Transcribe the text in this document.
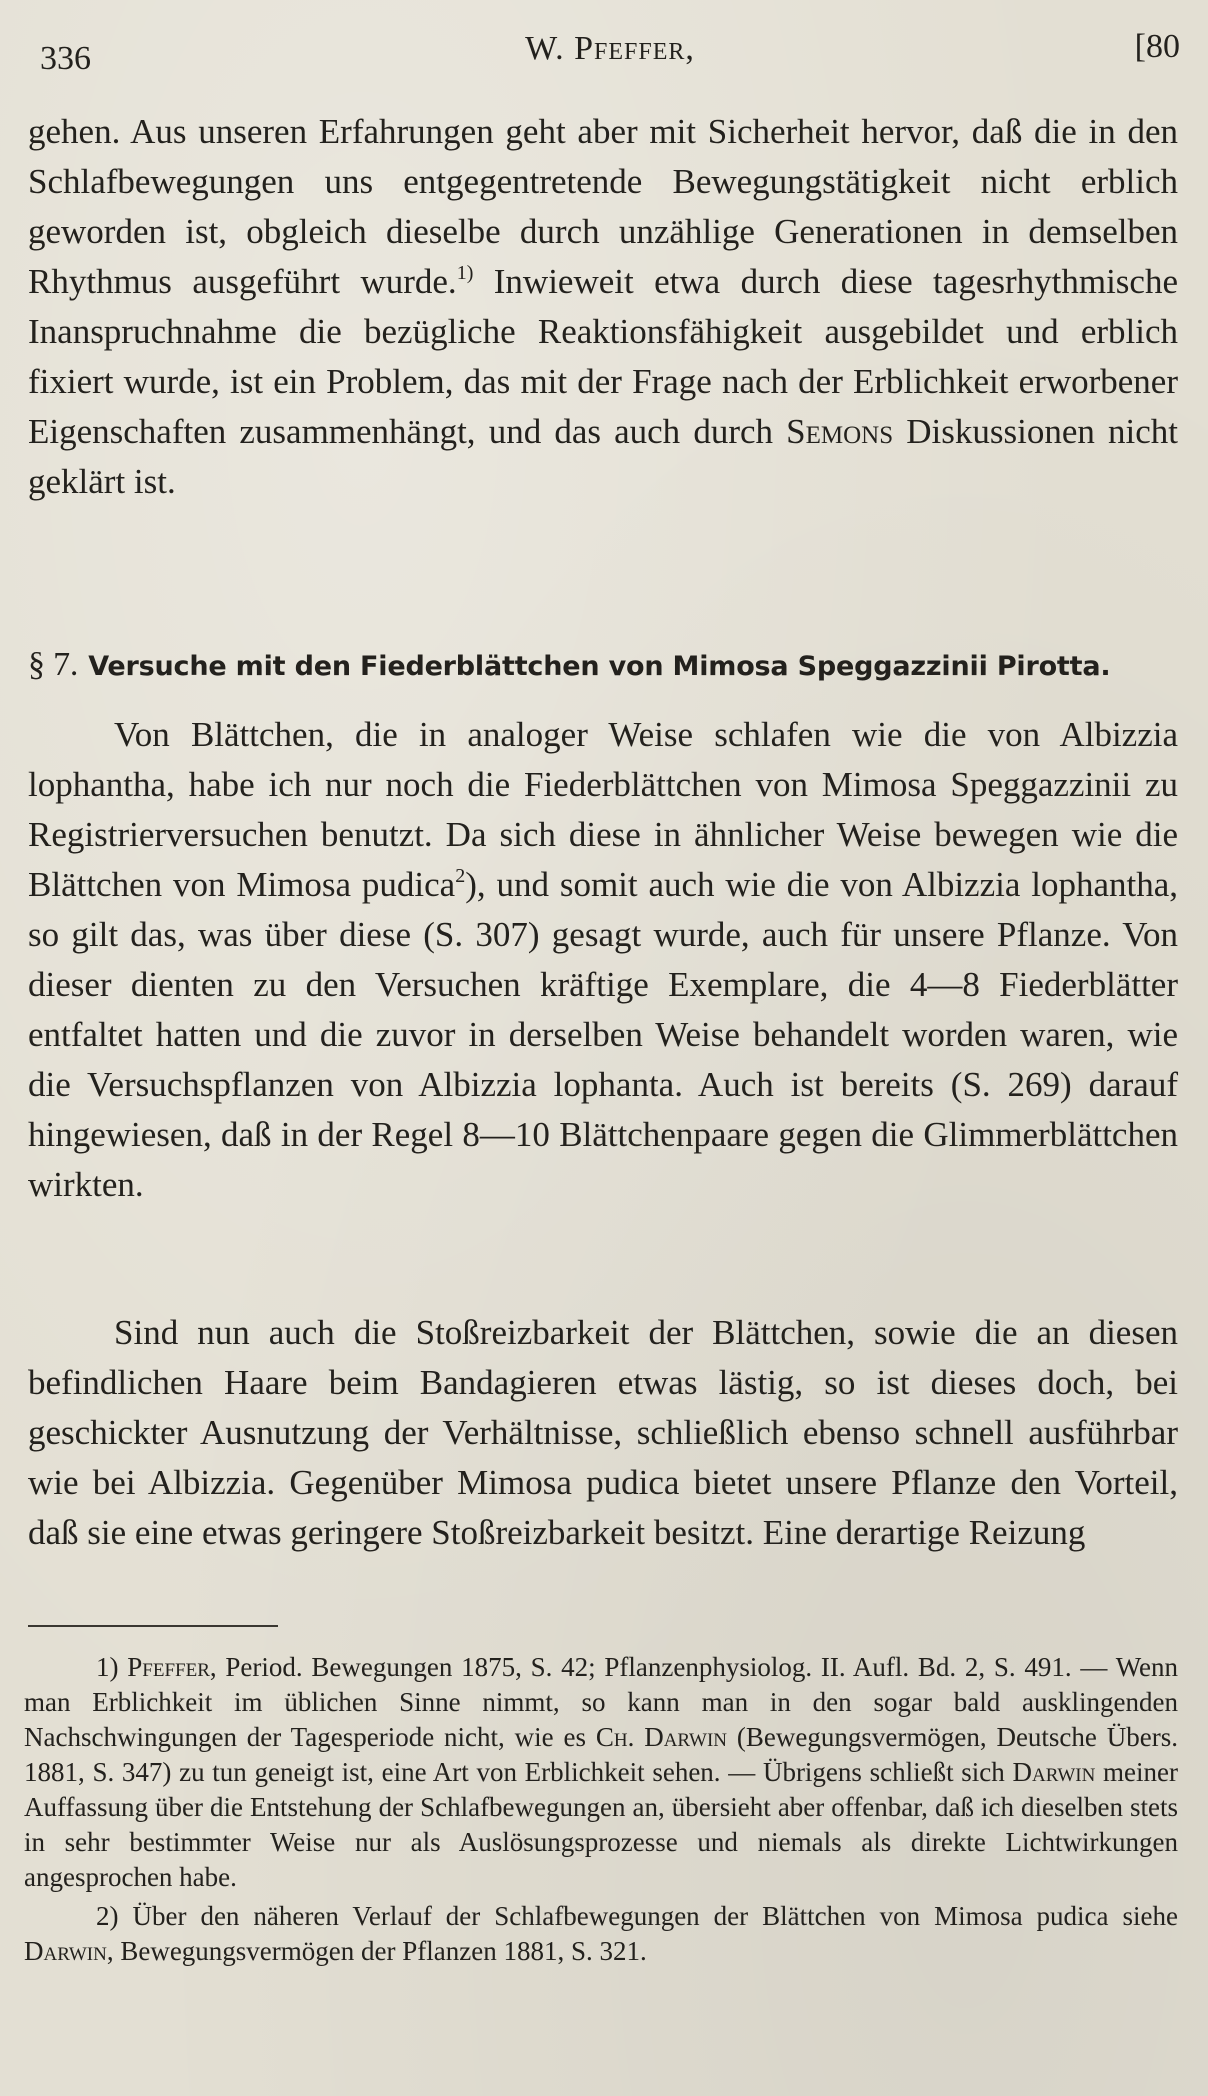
336	W. Pfeffer,	[80

gehen. Aus unseren Erfahrungen geht aber mit Sicherheit hervor, daß die in den Schlafbewegungen uns entgegentretende Bewegungstätigkeit nicht erblich geworden ist, obgleich dieselbe durch unzählige Generationen in demselben Rhythmus ausgeführt wurde.$^{1)}$ Inwieweit etwa durch diese tagesrhythmische Inanspruchnahme die bezügliche Reaktionsfähigkeit ausgebildet und erblich fixiert wurde, ist ein Problem, das mit der Frage nach der Erblichkeit erworbener Eigenschaften zusammenhängt, und das auch durch Semons Diskussionen nicht geklärt ist.

§ 7. Versuche mit den Fiederblättchen von Mimosa Speggazzinii Pirotta.

Von Blättchen, die in analoger Weise schlafen wie die von Albizzia lophantha, habe ich nur noch die Fiederblättchen von Mimosa Speggazzinii zu Registrierversuchen benutzt. Da sich diese in ähnlicher Weise bewegen wie die Blättchen von Mimosa pudica$^2$), und somit auch wie die von Albizzia lophantha, so gilt das, was über diese (S. 307) gesagt wurde, auch für unsere Pflanze. Von dieser dienten zu den Versuchen kräftige Exemplare, die 4—8 Fiederblätter entfaltet hatten und die zuvor in derselben Weise behandelt worden waren, wie die Versuchspflanzen von Albizzia lophanta. Auch ist bereits (S. 269) darauf hingewiesen, daß in der Regel 8—10 Blättchenpaare gegen die Glimmerblättchen wirkten.

Sind nun auch die Stoßreizbarkeit der Blättchen, sowie die an diesen befindlichen Haare beim Bandagieren etwas lästig, so ist dieses doch, bei geschickter Ausnutzung der Verhältnisse, schließlich ebenso schnell ausführbar wie bei Albizzia. Gegenüber Mimosa pudica bietet unsere Pflanze den Vorteil, daß sie eine etwas geringere Stoßreizbarkeit besitzt. Eine derartige Reizung

1) Pfeffer, Period. Bewegungen 1875, S. 42; Pflanzenphysiolog. II. Aufl. Bd. 2, S. 491. — Wenn man Erblichkeit im üblichen Sinne nimmt, so kann man in den sogar bald ausklingenden Nachschwingungen der Tagesperiode nicht, wie es Ch. Darwin (Bewegungsvermögen, Deutsche Übers. 1881, S. 347) zu tun geneigt ist, eine Art von Erblichkeit sehen. — Übrigens schließt sich Darwin meiner Auffassung über die Entstehung der Schlafbewegungen an, übersieht aber offenbar, daß ich dieselben stets in sehr bestimmter Weise nur als Auslösungsprozesse und niemals als direkte Lichtwirkungen angesprochen habe.

2) Über den näheren Verlauf der Schlafbewegungen der Blättchen von Mimosa pudica siehe Darwin, Bewegungsvermögen der Pflanzen 1881, S. 321.
